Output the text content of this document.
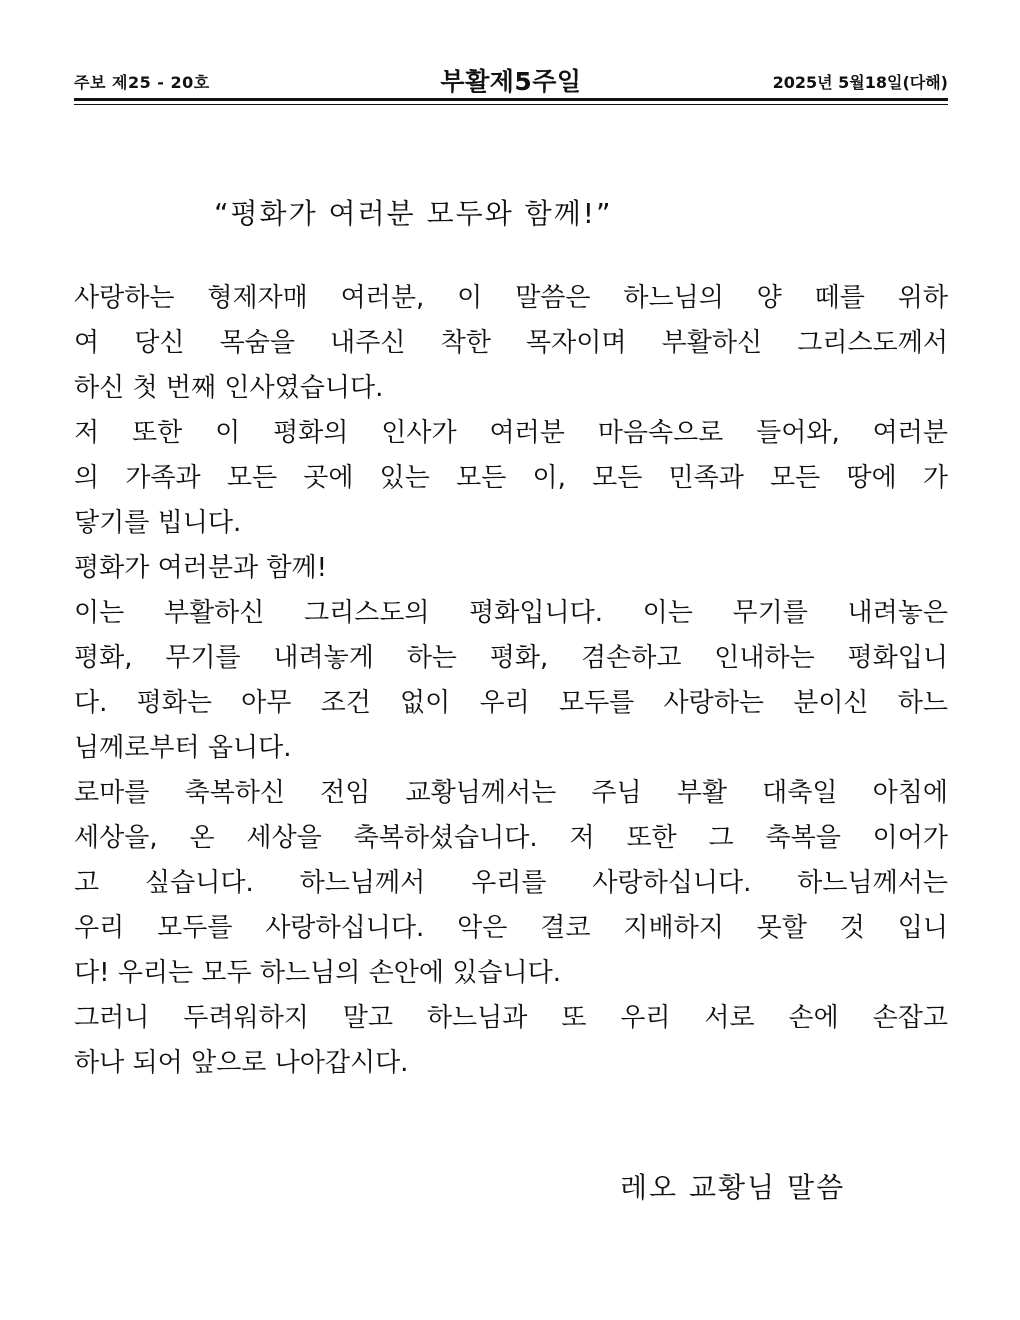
주보 제25 - 20호	부활제5주일	2025년 5월18일(다해)
“평화가 여러분 모두와 함께!”
사랑하는 형제자매 여러분, 이 말씀은 하느님의 양 떼를 위하
여 당신 목숨을 내주신 착한 목자이며 부활하신 그리스도께서
하신 첫 번째 인사였습니다.
저 또한 이 평화의 인사가 여러분 마음속으로 들어와, 여러분
의 가족과 모든 곳에 있는 모든 이, 모든 민족과 모든 땅에 가
닿기를 빕니다.
평화가 여러분과 함께!
이는 부활하신 그리스도의 평화입니다. 이는 무기를 내려놓은
평화, 무기를 내려놓게 하는 평화, 겸손하고 인내하는 평화입니
다. 평화는 아무 조건 없이 우리 모두를 사랑하는 분이신 하느
님께로부터 옵니다.
로마를 축복하신 전임 교황님께서는 주님 부활 대축일 아침에
세상을, 온 세상을 축복하셨습니다. 저 또한 그 축복을 이어가
고 싶습니다. 하느님께서 우리를 사랑하십니다. 하느님께서는
우리 모두를 사랑하십니다. 악은 결코 지배하지 못할 것 입니
다! 우리는 모두 하느님의 손안에 있습니다.
그러니 두려워하지 말고 하느님과 또 우리 서로 손에 손잡고
하나 되어 앞으로 나아갑시다.
레오 교황님 말씀
